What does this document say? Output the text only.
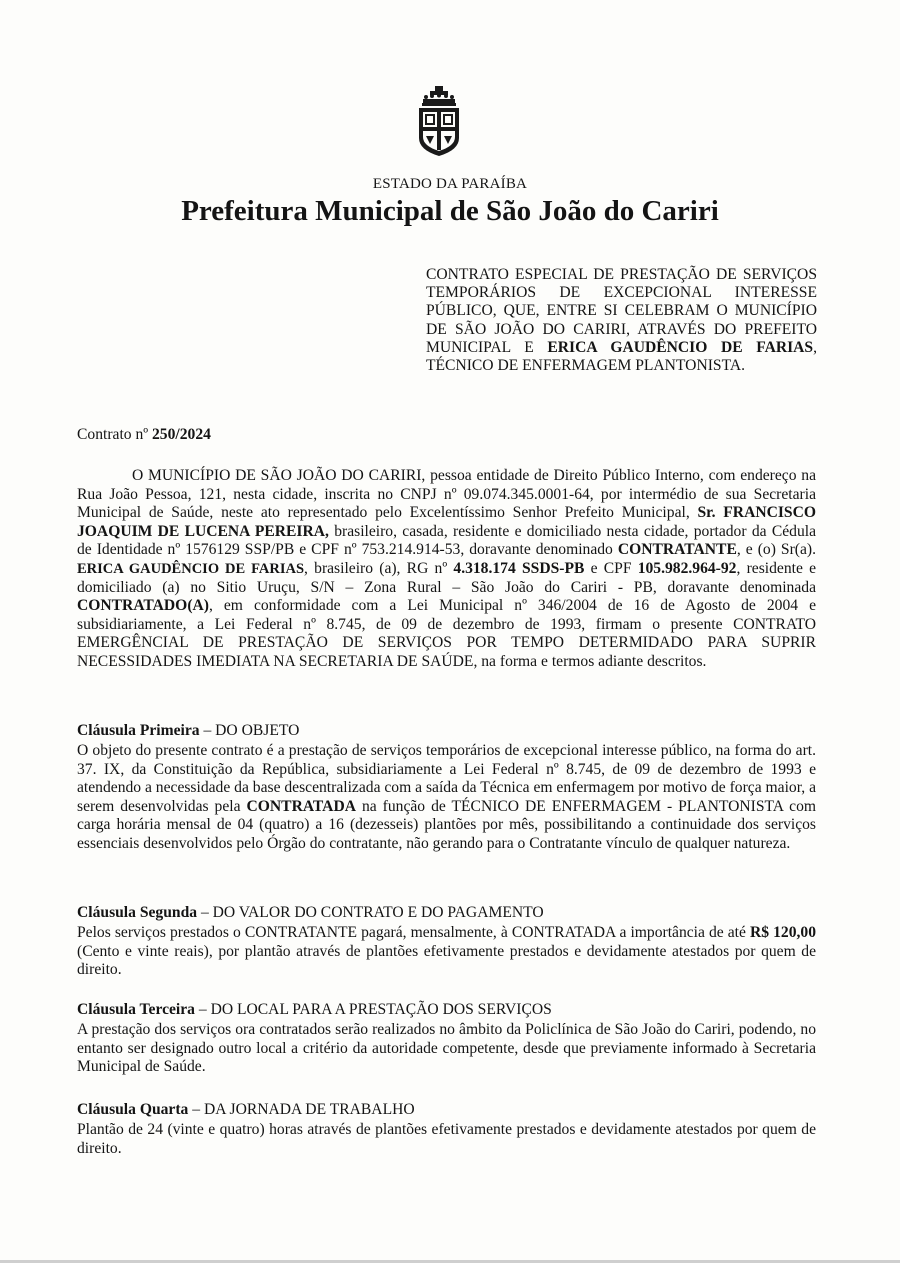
ESTADO DA PARAÍBA
Prefeitura Municipal de São João do Cariri

CONTRATO ESPECIAL DE PRESTAÇÃO DE SERVIÇOS TEMPORÁRIOS DE EXCEPCIONAL INTERESSE PÚBLICO, QUE, ENTRE SI CELEBRAM O MUNICÍPIO DE SÃO JOÃO DO CARIRI, ATRAVÉS DO PREFEITO MUNICIPAL E ERICA GAUDÊNCIO DE FARIAS, TÉCNICO DE ENFERMAGEM PLANTONISTA.

Contrato nº 250/2024

O MUNICÍPIO DE SÃO JOÃO DO CARIRI, pessoa entidade de Direito Público Interno, com endereço na Rua João Pessoa, 121, nesta cidade, inscrita no CNPJ nº 09.074.345.0001-64, por intermédio de sua Secretaria Municipal de Saúde, neste ato representado pelo Excelentíssimo Senhor Prefeito Municipal, Sr. FRANCISCO JOAQUIM DE LUCENA PEREIRA, brasileiro, casada, residente e domiciliado nesta cidade, portador da Cédula de Identidade nº 1576129 SSP/PB e CPF nº 753.214.914-53, doravante denominado CONTRATANTE, e (o) Sr(a). ERICA GAUDÊNCIO DE FARIAS, brasileiro (a), RG nº 4.318.174 SSDS-PB e CPF 105.982.964-92, residente e domiciliado (a) no Sitio Uruçu, S/N – Zona Rural – São João do Cariri - PB, doravante denominada CONTRATADO(A), em conformidade com a Lei Municipal nº 346/2004 de 16 de Agosto de 2004 e subsidiariamente, a Lei Federal nº 8.745, de 09 de dezembro de 1993, firmam o presente CONTRATO EMERGÊNCIAL DE PRESTAÇÃO DE SERVIÇOS POR TEMPO DETERMIDADO PARA SUPRIR NECESSIDADES IMEDIATA NA SECRETARIA DE SAÚDE, na forma e termos adiante descritos.

Cláusula Primeira – DO OBJETO

O objeto do presente contrato é a prestação de serviços temporários de excepcional interesse público, na forma do art. 37. IX, da Constituição da República, subsidiariamente a Lei Federal nº 8.745, de 09 de dezembro de 1993 e atendendo a necessidade da base descentralizada com a saída da Técnica em enfermagem por motivo de força maior, a serem desenvolvidas pela CONTRATADA na função de TÉCNICO DE ENFERMAGEM - PLANTONISTA com carga horária mensal de 04 (quatro) a 16 (dezesseis) plantões por mês, possibilitando a continuidade dos serviços essenciais desenvolvidos pelo Órgão do contratante, não gerando para o Contratante vínculo de qualquer natureza.

Cláusula Segunda – DO VALOR DO CONTRATO E DO PAGAMENTO

Pelos serviços prestados o CONTRATANTE pagará, mensalmente, à CONTRATADA a importância de até R$ 120,00 (Cento e vinte reais), por plantão através de plantões efetivamente prestados e devidamente atestados por quem de direito.

Cláusula Terceira – DO LOCAL PARA A PRESTAÇÃO DOS SERVIÇOS

A prestação dos serviços ora contratados serão realizados no âmbito da Policlínica de São João do Cariri, podendo, no entanto ser designado outro local a critério da autoridade competente, desde que previamente informado à Secretaria Municipal de Saúde.

Cláusula Quarta – DA JORNADA DE TRABALHO

Plantão de 24 (vinte e quatro) horas através de plantões efetivamente prestados e devidamente atestados por quem de direito.
